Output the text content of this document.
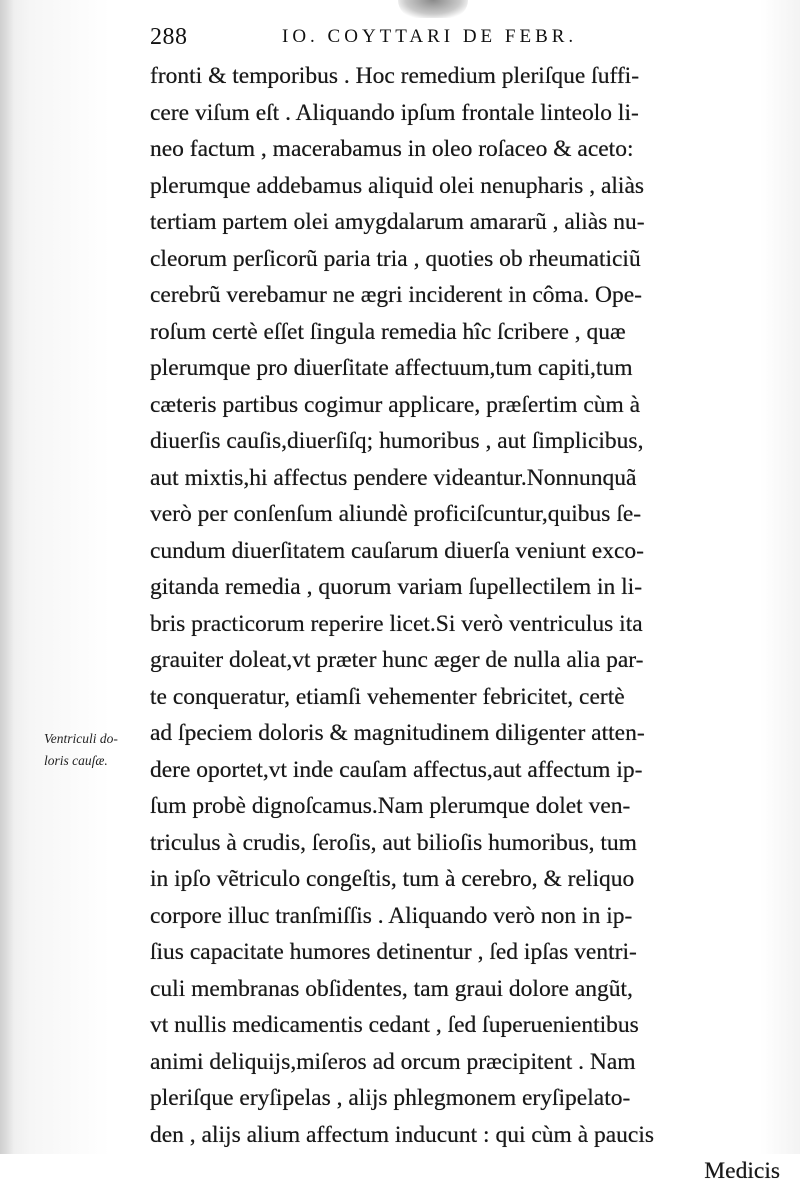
288	IO. COYTTARI DE FEBR.
Ventriculi do-
loris cauſæ.
fronti & temporibus . Hoc remedium pleriſque ſuffi-
cere viſum eſt . Aliquando ipſum frontale linteolo li-
neo factum , macerabamus in oleo roſaceo & aceto:
plerumque addebamus aliquid olei nenupharis , aliàs
tertiam partem olei amygdalarum amararũ , aliàs nu-
cleorum perſicorũ paria tria , quoties ob rheumaticiũ
cerebrũ verebamur ne ægri inciderent in côma. Ope-
roſum certè eſſet ſingula remedia hîc ſcribere , quæ
plerumque pro diuerſitate affectuum,tum capiti,tum
cæteris partibus cogimur applicare, præſertim cùm à
diuerſis cauſis,diuerſiſq; humoribus , aut ſimplicibus,
aut mixtis,hi affectus pendere videantur.Nonnunquã
verò per conſenſum aliundè proficiſcuntur,quibus ſe-
cundum diuerſitatem cauſarum diuerſa veniunt exco-
gitanda remedia , quorum variam ſupellectilem in li-
bris practicorum reperire licet.Si verò ventriculus ita
grauiter doleat,vt præter hunc æger de nulla alia par-
te conqueratur, etiamſi vehementer febricitet, certè
ad ſpeciem doloris & magnitudinem diligenter atten-
dere oportet,vt inde cauſam affectus,aut affectum ip-
ſum probè dignoſcamus.Nam plerumque dolet ven-
triculus à crudis, ſeroſis, aut bilioſis humoribus, tum
in ipſo vẽtriculo congeſtis, tum à cerebro, & reliquo
corpore illuc tranſmiſſis . Aliquando verò non in ip-
ſius capacitate humores detinentur , ſed ipſas ventri-
culi membranas obſidentes, tam graui dolore angũt,
vt nullis medicamentis cedant , ſed ſuperuenientibus
animi deliquijs,miſeros ad orcum præcipitent . Nam
pleriſque eryſipelas , alijs phlegmonem eryſipelato-
den , alijs alium affectum inducunt : qui cùm à paucis
Medicis
